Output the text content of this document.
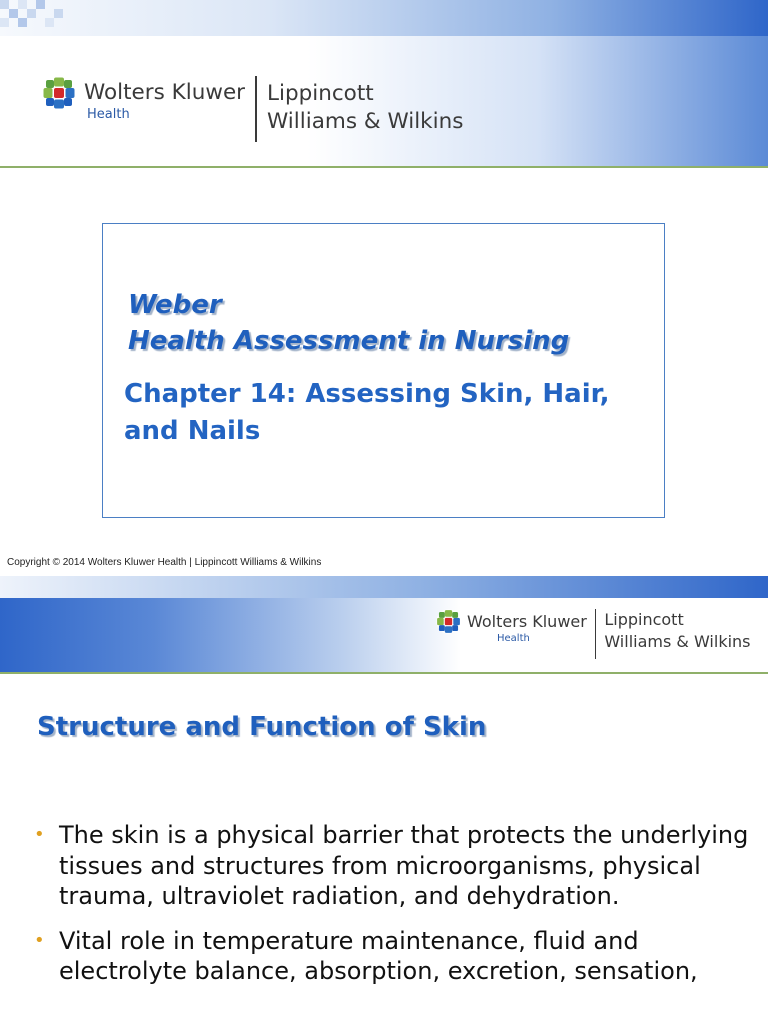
Wolters Kluwer
Health
Lippincott
Williams & Wilkins

Weber

Health Assessment in Nursing

Chapter 14: Assessing Skin, Hair, and Nails

Copyright © 2014 Wolters Kluwer Health | Lippincott Williams & Wilkins
Wolters Kluwer
Health
Lippincott
Williams & Wilkins

Structure and Function of Skin

• The skin is a physical barrier that protects the underlying tissues and structures from microorganisms, physical trauma, ultraviolet radiation, and dehydration.
• Vital role in temperature maintenance, fluid and electrolyte balance, absorption, excretion, sensation,
